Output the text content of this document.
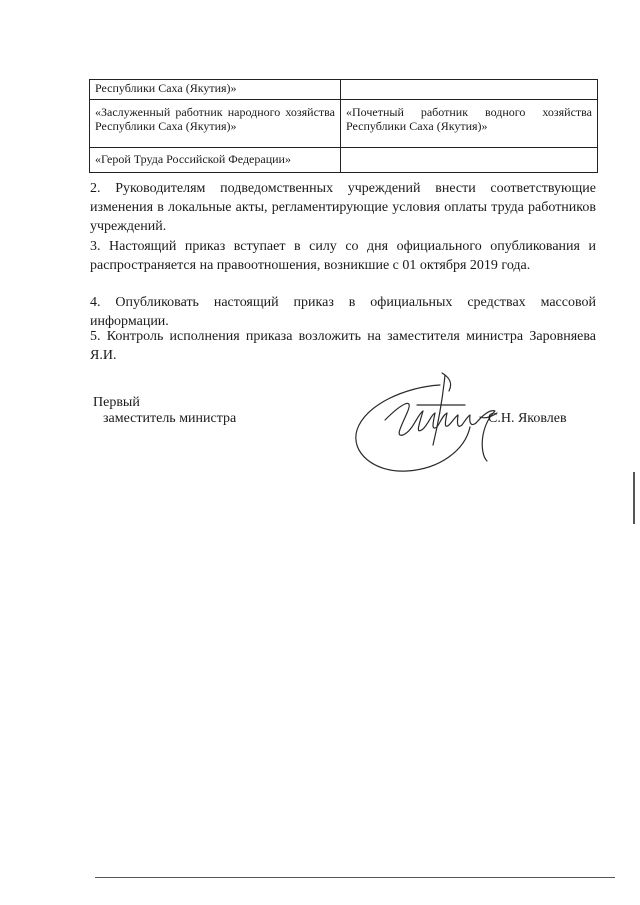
Республики Саха (Якутия)»	
«Заслуженный работник народного хозяйства Республики Саха (Якутия)»	«Почетный работник водного хозяйства Республики Саха (Якутия)»
«Герой Труда Российской Федерации»	

2. Руководителям подведомственных учреждений внести соответствующие изменения в локальные акты, регламентирующие условия оплаты труда работников учреждений.

3. Настоящий приказ вступает в силу со дня официального опубликования и распространяется на правоотношения, возникшие с 01 октября 2019 года.

4. Опубликовать настоящий приказ в официальных средствах массовой информации.

5. Контроль исполнения приказа возложить на заместителя министра Заровняева Я.И.

Первый
заместитель министра	С.Н. Яковлев
